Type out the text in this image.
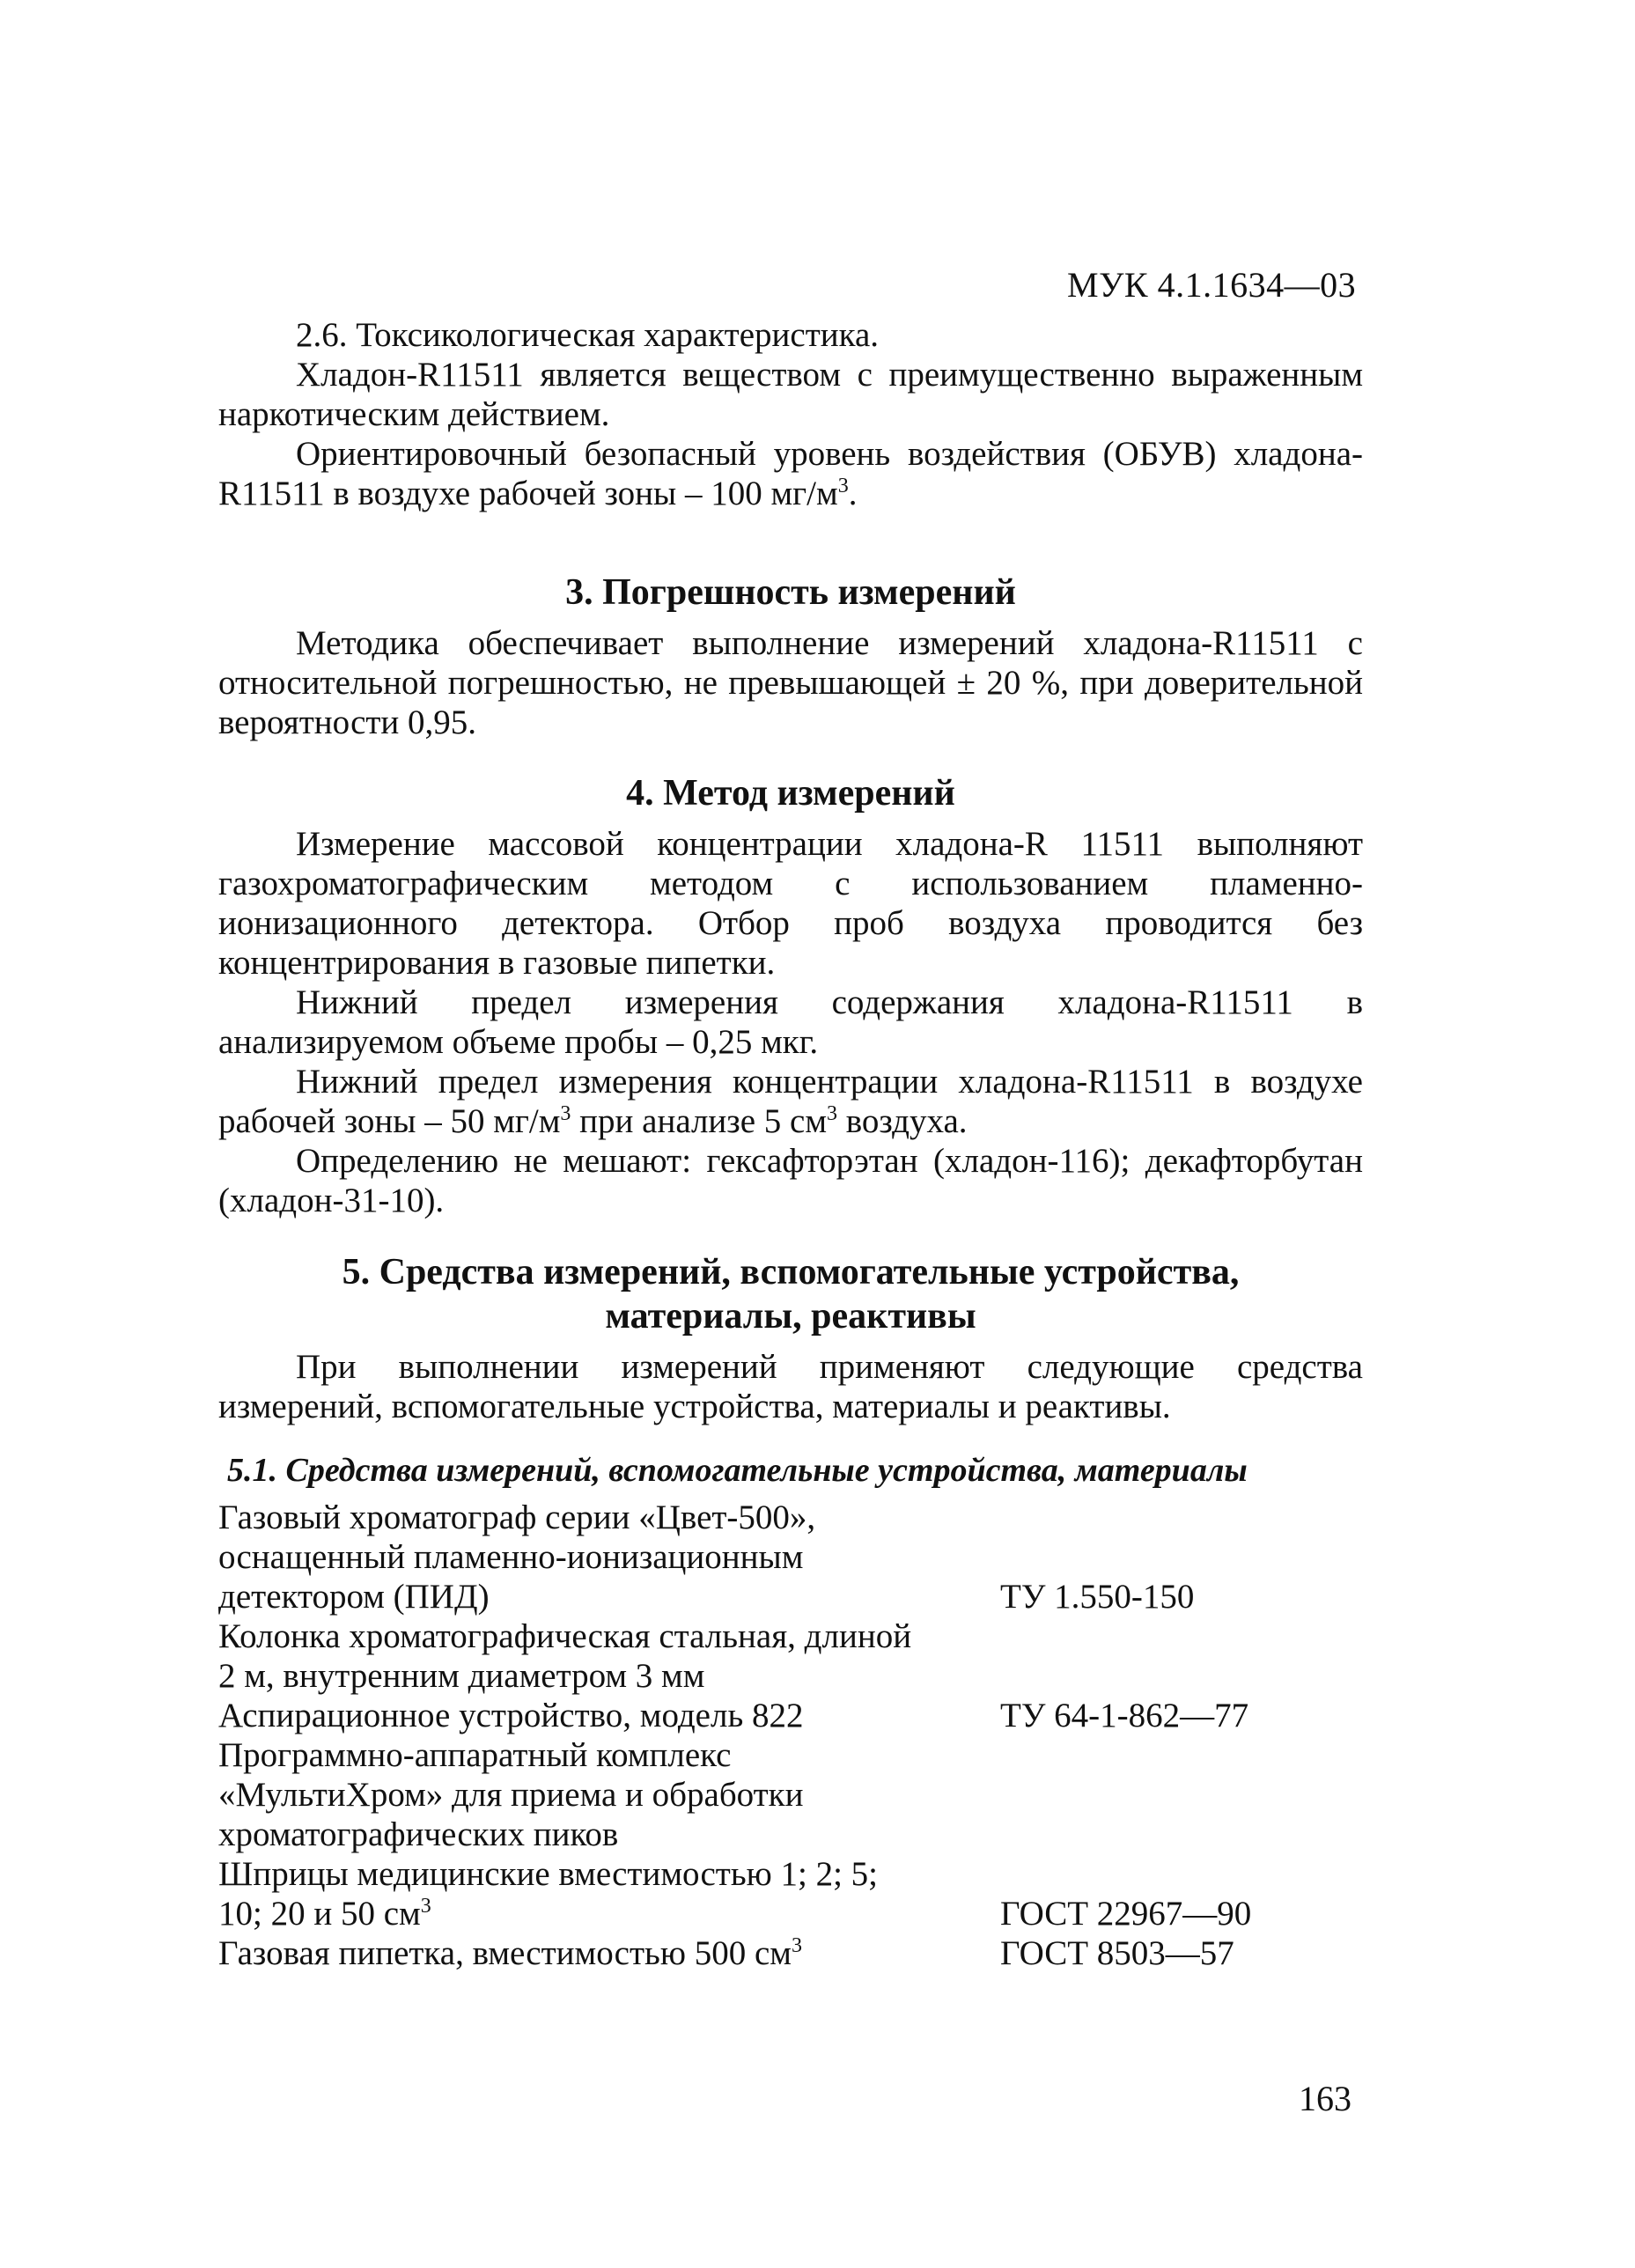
МУК 4.1.1634—03

2.6. Токсикологическая характеристика.

Хладон-R11511 является веществом с преимущественно выраженным наркотическим действием.

Ориентировочный безопасный уровень воздействия (ОБУВ) хладона-R11511 в воздухе рабочей зоны – 100 $мг/м^3$.

3. Погрешность измерений

Методика обеспечивает выполнение измерений хладона-R11511 с относительной погрешностью, не превышающей ± 20 %, при доверительной вероятности 0,95.

4. Метод измерений

Измерение массовой концентрации хладона-R 11511 выполняют газохроматографическим методом с использованием пламенно-ионизационного детектора. Отбор проб воздуха проводится без концентрирования в газовые пипетки.

Нижний предел измерения содержания хладона-R11511 в анализируемом объеме пробы – 0,25 мкг.

Нижний предел измерения концентрации хладона-R11511 в воздухе рабочей зоны – 50 $мг/м^3$ при анализе 5 $см^3$ воздуха.

Определению не мешают: гексафторэтан (хладон-116); декафторбутан (хладон-31-10).

5. Средства измерений, вспомогательные устройства,
материалы, реактивы

При выполнении измерений применяют следующие средства измерений, вспомогательные устройства, материалы и реактивы.

5.1. Средства измерений, вспомогательные устройства, материалы

Газовый хроматограф серии «Цвет-500»,
оснащенный пламенно-ионизационным
детектором (ПИД)	ТУ 1.550-150
Колонка хроматографическая стальная, длиной
2 м, внутренним диаметром 3 мм	
Аспирационное устройство, модель 822	ТУ 64-1-862—77
Программно-аппаратный комплекс
«МультиХром» для приема и обработки
хроматографических пиков	
Шприцы медицинские вместимостью 1; 2; 5;
10; 20 и 50 $см^3$	ГОСТ 22967—90
Газовая пипетка, вместимостью 500 $см^3$	ГОСТ 8503—57
163
